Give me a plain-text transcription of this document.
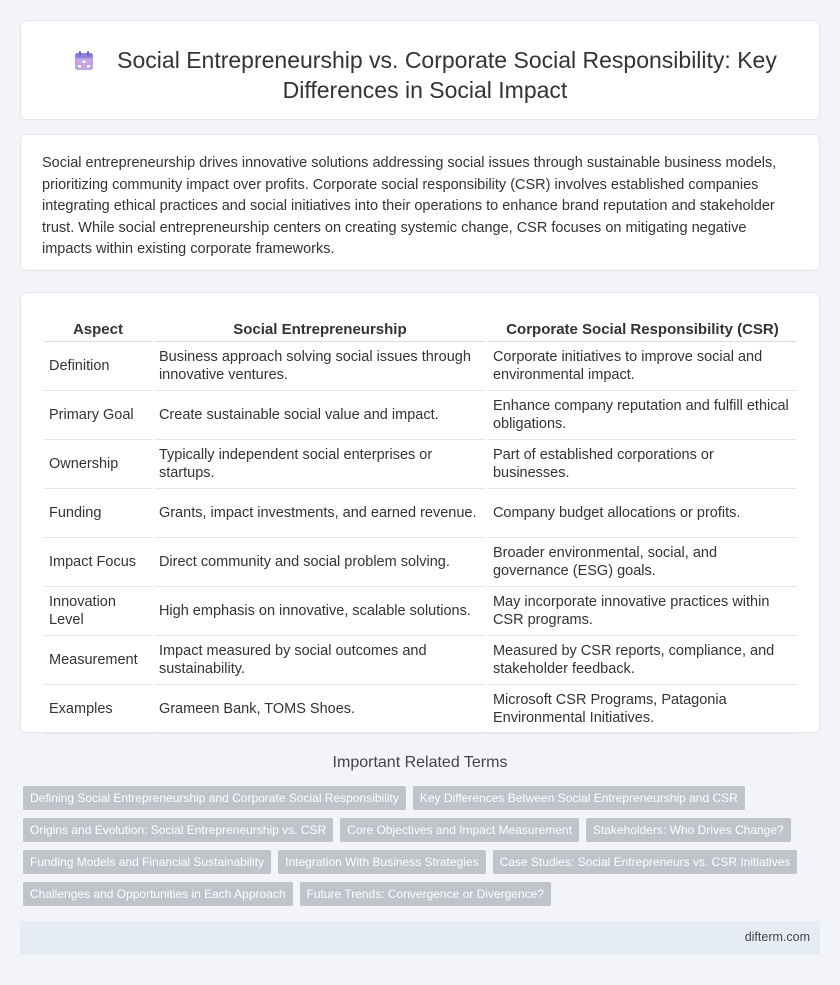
Social Entrepreneurship vs. Corporate Social Responsibility: Key Differences in Social Impact

Social entrepreneurship drives innovative solutions addressing social issues through sustainable business models, prioritizing community impact over profits. Corporate social responsibility (CSR) involves established companies integrating ethical practices and social initiatives into their operations to enhance brand reputation and stakeholder trust. While social entrepreneurship centers on creating systemic change, CSR focuses on mitigating negative impacts within existing corporate frameworks.

Aspect	Social Entrepreneurship	Corporate Social Responsibility (CSR)
Definition	Business approach solving social issues through innovative ventures.	Corporate initiatives to improve social and environmental impact.
Primary Goal	Create sustainable social value and impact.	Enhance company reputation and fulfill ethical obligations.
Ownership	Typically independent social enterprises or startups.	Part of established corporations or businesses.
Funding	Grants, impact investments, and earned revenue.	Company budget allocations or profits.
Impact Focus	Direct community and social problem solving.	Broader environmental, social, and governance (ESG) goals.
Innovation Level	High emphasis on innovative, scalable solutions.	May incorporate innovative practices within CSR programs.
Measurement	Impact measured by social outcomes and sustainability.	Measured by CSR reports, compliance, and stakeholder feedback.
Examples	Grameen Bank, TOMS Shoes.	Microsoft CSR Programs, Patagonia Environmental Initiatives.
Important Related Terms
Defining Social Entrepreneurship and Corporate Social Responsibility	Key Differences Between Social Entrepreneurship and CSR
Origins and Evolution: Social Entrepreneurship vs. CSR	Core Objectives and Impact Measurement	Stakeholders: Who Drives Change?
Funding Models and Financial Sustainability	Integration With Business Strategies	Case Studies: Social Entrepreneurs vs. CSR Initiatives
Challenges and Opportunities in Each Approach	Future Trends: Convergence or Divergence?
difterm.com
